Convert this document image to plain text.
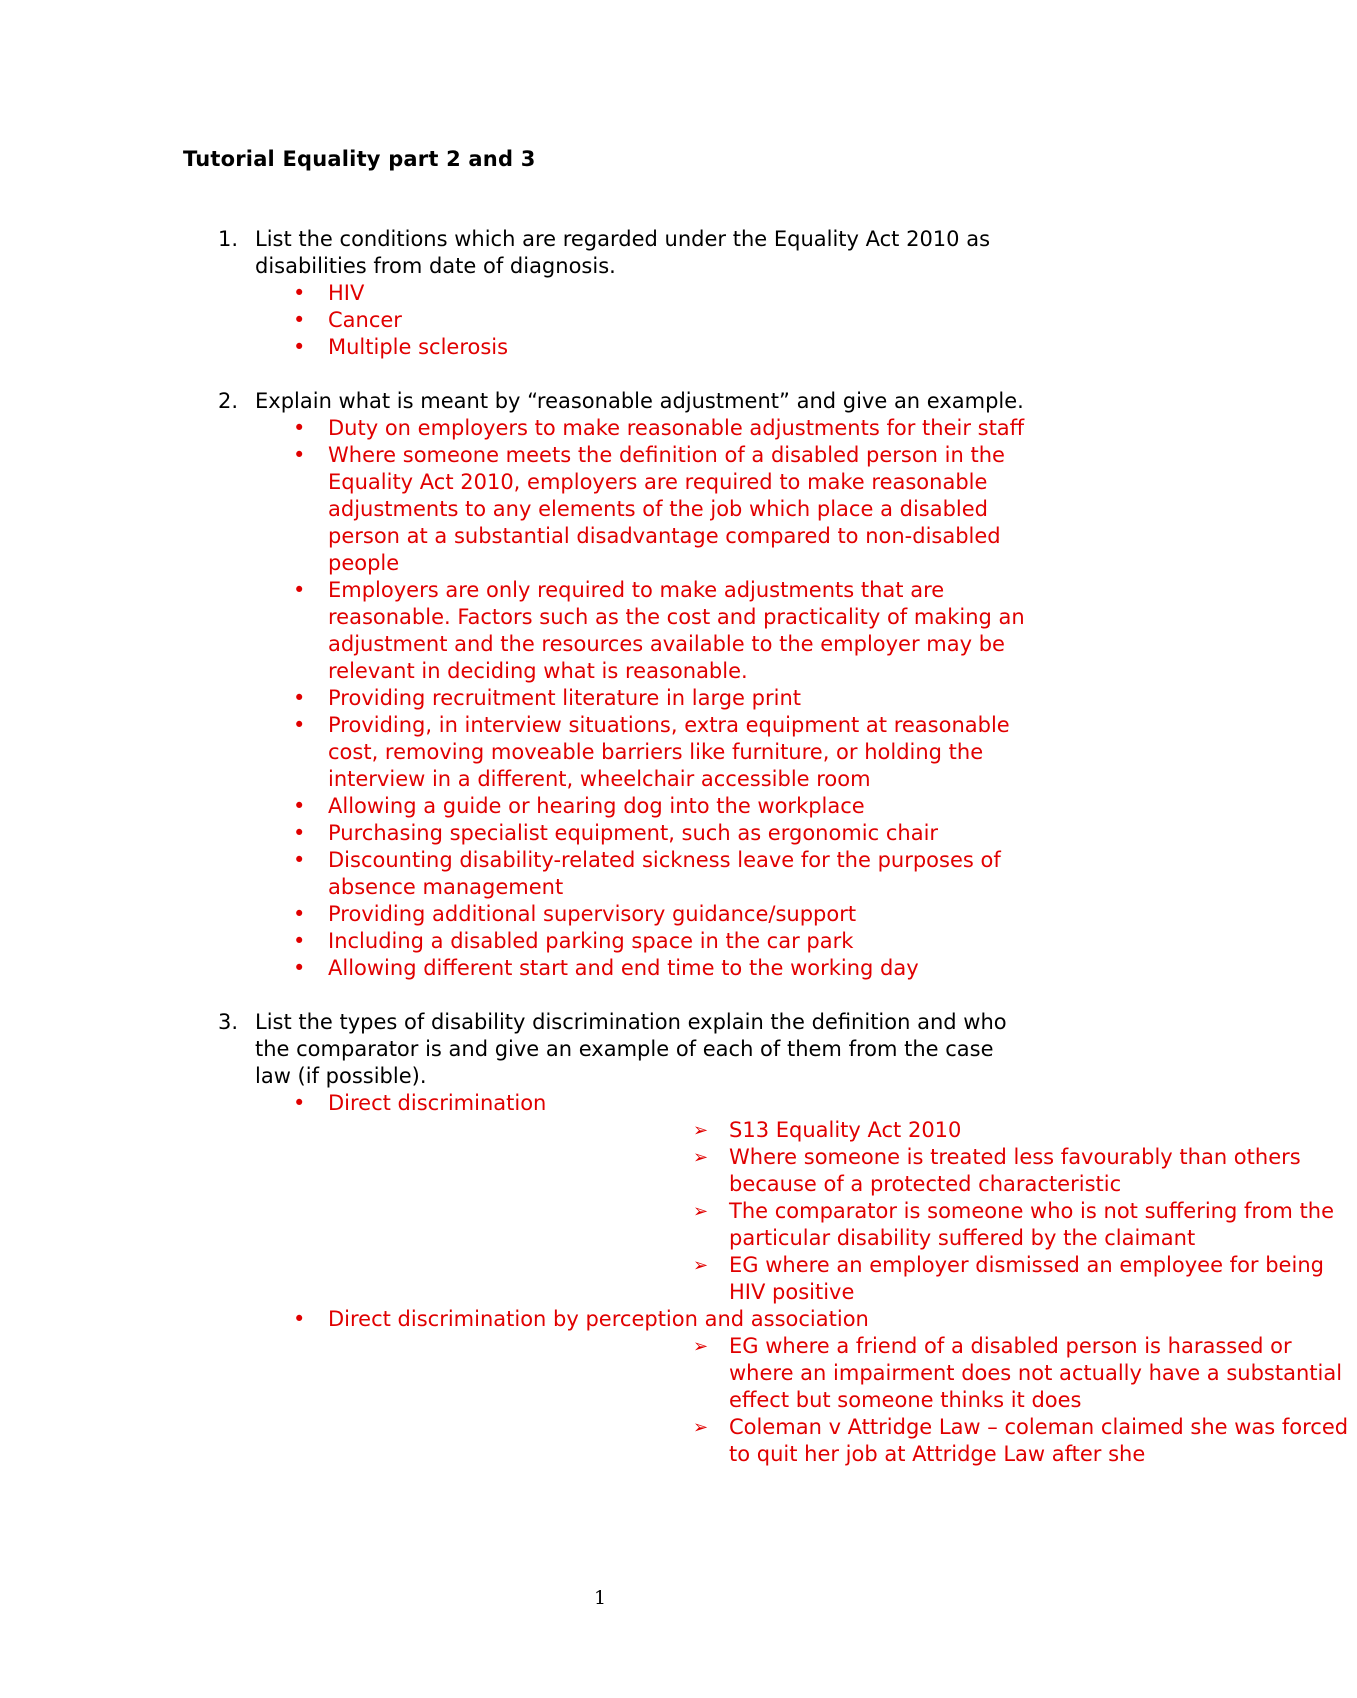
Tutorial Equality part 2 and 3
1. List the conditions which are regarded under the Equality Act 2010 as disabilities from date of diagnosis.
• HIV
• Cancer
• Multiple sclerosis
2. Explain what is meant by “reasonable adjustment” and give an example.
• Duty on employers to make reasonable adjustments for their staff
• Where someone meets the definition of a disabled person in the Equality Act 2010, employers are required to make reasonable adjustments to any elements of the job which place a disabled person at a substantial disadvantage compared to non-disabled people
• Employers are only required to make adjustments that are reasonable. Factors such as the cost and practicality of making an adjustment and the resources available to the employer may be relevant in deciding what is reasonable.
• Providing recruitment literature in large print
• Providing, in interview situations, extra equipment at reasonable cost, removing moveable barriers like furniture, or holding the interview in a different, wheelchair accessible room
• Allowing a guide or hearing dog into the workplace
• Purchasing specialist equipment, such as ergonomic chair
• Discounting disability-related sickness leave for the purposes of absence management
• Providing additional supervisory guidance/support
• Including a disabled parking space in the car park
• Allowing different start and end time to the working day
3. List the types of disability discrimination explain the definition and who the comparator is and give an example of each of them from the case law (if possible).
• Direct discrimination
➢ S13 Equality Act 2010
➢ Where someone is treated less favourably than others because of a protected characteristic
➢ The comparator is someone who is not suffering from the particular disability suffered by the claimant
➢ EG where an employer dismissed an employee for being HIV positive
• Direct discrimination by perception and association
➢ EG where a friend of a disabled person is harassed or where an impairment does not actually have a substantial effect but someone thinks it does
➢ Coleman v Attridge Law – coleman claimed she was forced to quit her job at Attridge Law after she
1
